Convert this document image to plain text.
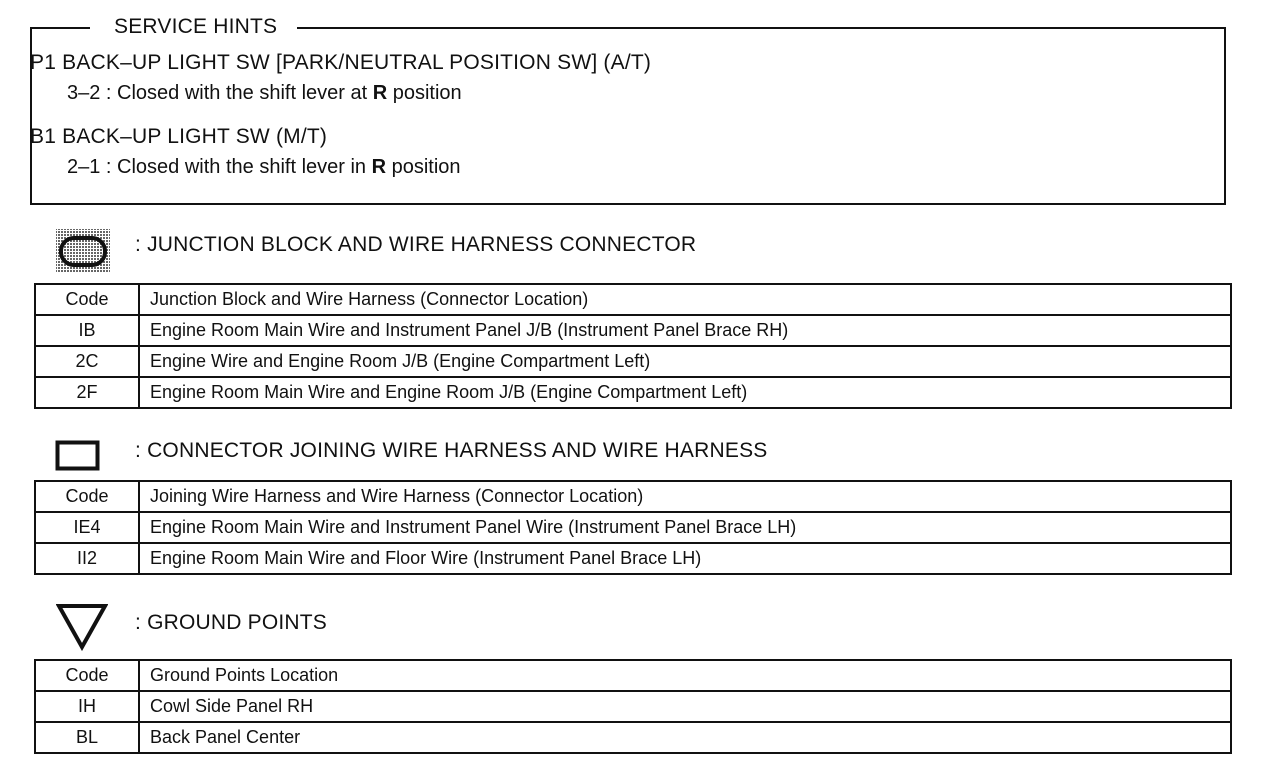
SERVICE HINTS
P1 BACK–UP LIGHT SW [PARK/NEUTRAL POSITION SW] (A/T)
3–2 : Closed with the shift lever at R position
B1 BACK–UP LIGHT SW (M/T)
2–1 : Closed with the shift lever in R position
: JUNCTION BLOCK AND WIRE HARNESS CONNECTOR
Code	Junction Block and Wire Harness (Connector Location)
IB	Engine Room Main Wire and Instrument Panel J/B (Instrument Panel Brace RH)
2C	Engine Wire and Engine Room J/B (Engine Compartment Left)
2F	Engine Room Main Wire and Engine Room J/B (Engine Compartment Left)
: CONNECTOR JOINING WIRE HARNESS AND WIRE HARNESS
Code	Joining Wire Harness and Wire Harness (Connector Location)
IE4	Engine Room Main Wire and Instrument Panel Wire (Instrument Panel Brace LH)
II2	Engine Room Main Wire and Floor Wire (Instrument Panel Brace LH)
: GROUND POINTS
Code	Ground Points Location
IH	Cowl Side Panel RH
BL	Back Panel Center
